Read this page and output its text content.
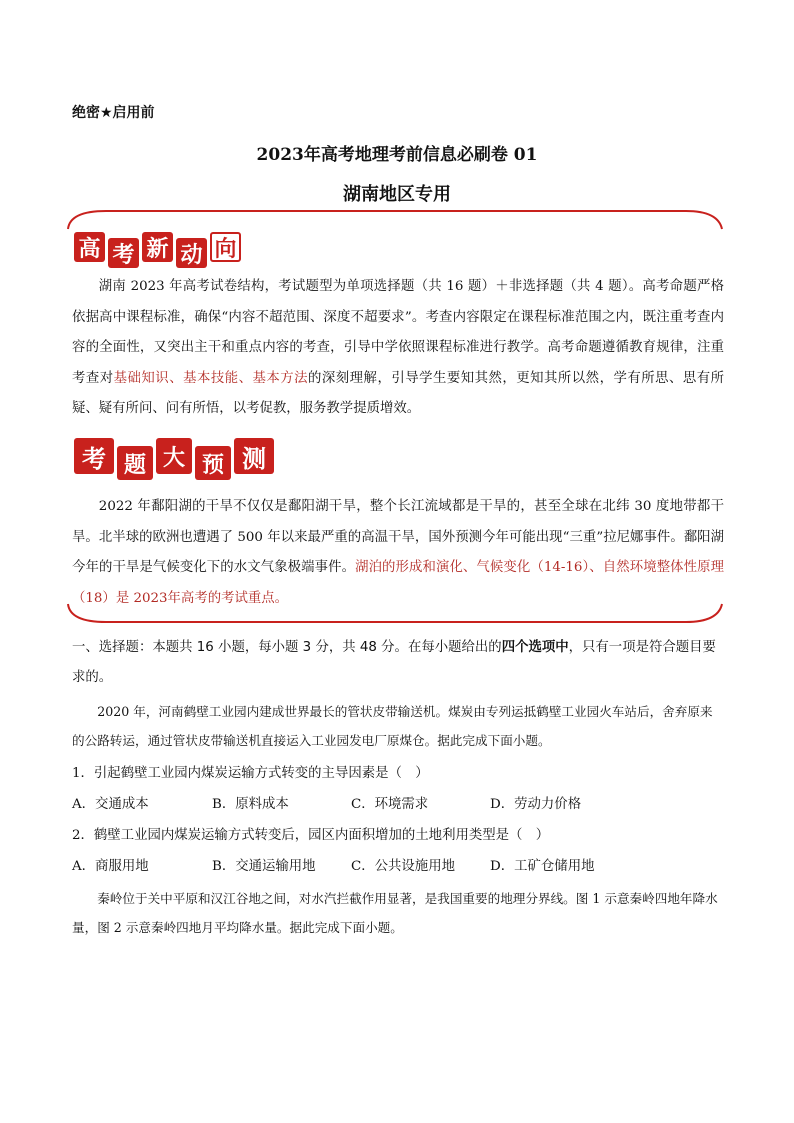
绝密★启用前
2023年高考地理考前信息必刷卷 01
湖南地区专用
高 考 新 动 向

湖南 2023 年高考试卷结构，考试题型为单项选择题（共 16 题）＋非选择题（共 4 题）。高考命题严格依据高中课程标准，确保“内容不超范围、深度不超要求”。考查内容限定在课程标准范围之内，既注重考查内容的全面性，又突出主干和重点内容的考查，引导中学依照课程标准进行教学。高考命题遵循教育规律，注重考查对基础知识、基本技能、基本方法的深刻理解，引导学生要知其然，更知其所以然，学有所思、思有所疑、疑有所问、问有所悟，以考促教，服务教学提质增效。

考 题 大 预 测

2022 年鄱阳湖的干旱不仅仅是鄱阳湖干旱，整个长江流域都是干旱的，甚至全球在北纬 30 度地带都干旱。北半球的欧洲也遭遇了 500 年以来最严重的高温干旱，国外预测今年可能出现“三重”拉尼娜事件。鄱阳湖今年的干旱是气候变化下的水文气象极端事件。湖泊的形成和演化、气候变化（14-16）、自然环境整体性原理（18）是 2023年高考的考试重点。

一、选择题：本题共 16 小题，每小题 3 分，共 48 分。在每小题给出的四个选项中，只有一项是符合题目要求的。

2020 年，河南鹤壁工业园内建成世界最长的管状皮带输送机。煤炭由专列运抵鹤壁工业园火车站后，舍弃原来的公路转运，通过管状皮带输送机直接运入工业园发电厂原煤仓。据此完成下面小题。

1．引起鹤壁工业园内煤炭运输方式转变的主导因素是（　）

A．交通成本	B．原料成本	C．环境需求	D．劳动力价格

2．鹤壁工业园内煤炭运输方式转变后，园区内面积增加的土地利用类型是（　）

A．商服用地	B．交通运输用地	C．公共设施用地	D．工矿仓储用地

秦岭位于关中平原和汉江谷地之间，对水汽拦截作用显著，是我国重要的地理分界线。图 1 示意秦岭四地年降水量，图 2 示意秦岭四地月平均降水量。据此完成下面小题。
